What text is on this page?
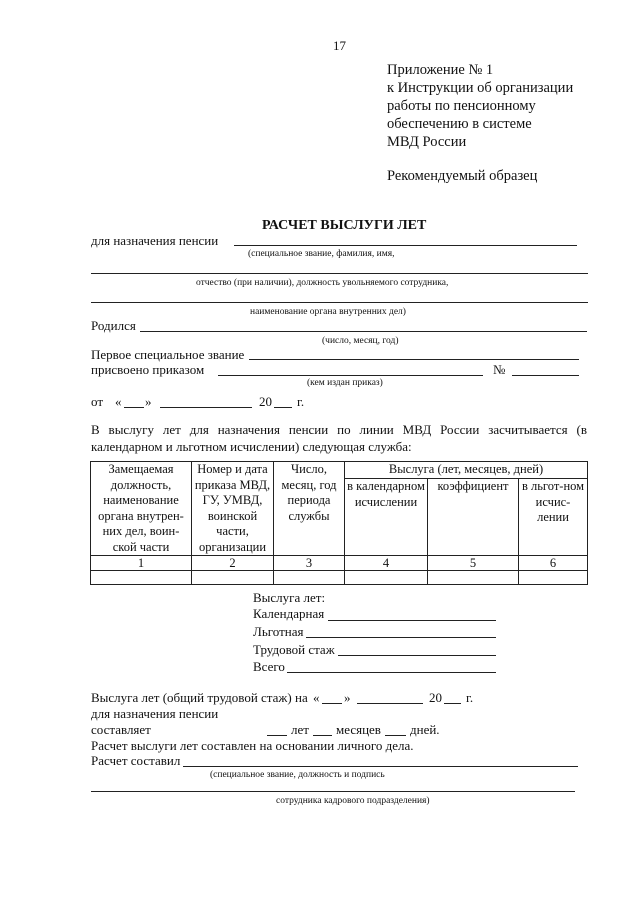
17
Приложение № 1
к Инструкции об организации
работы по пенсионному
обеспечению в системе
МВД России
Рекомендуемый образец
РАСЧЕТ ВЫСЛУГИ ЛЕТ
для назначения пенсии
(специальное звание, фамилия, имя,
отчество (при наличии), должность увольняемого сотрудника,
наименование органа внутренних дел)
Родился
(число, месяц, год)
Первое специальное звание
присвоено приказом	№
(кем издан приказ)
от « »	20 г.
В выслугу лет для назначения пенсии по линии МВД России засчитывается (в календарном и льготном исчислении) следующая служба:
Замещаемая должность, наименование органа внутрен-них дел, воин-ской части	Номер и дата приказа МВД, ГУ, УМВД, воинской части, организации	Число, месяц, год периода службы	Выслуга (лет, месяцев, дней)		
			в календарном исчислении	коэффициент	в льгот-ном исчис-лении
1	2	3	4	5	6

Выслуга лет:
Календарная
Льготная
Трудовой стаж
Всего
Выслуга лет (общий трудовой стаж) на « »	20 г.
для назначения пенсии
составляет	лет месяцев дней.
Расчет выслуги лет составлен на основании личного дела.
Расчет составил
(специальное звание, должность и подпись
сотрудника кадрового подразделения)
